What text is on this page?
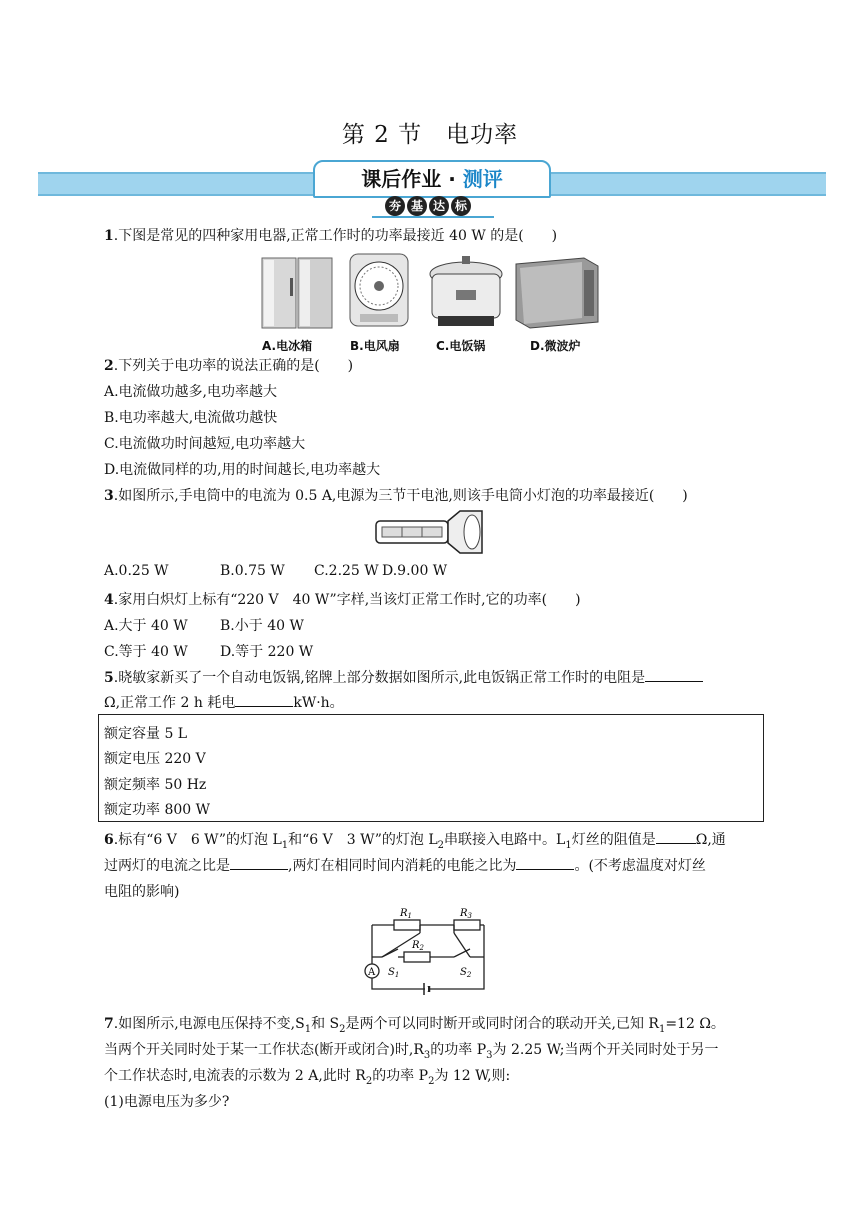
第 2 节　电功率
课后作业 · 测评
夯 基 达 标
1.下图是常见的四种家用电器,正常工作时的功率最接近 40 W 的是(　　)
A.电冰箱	B.电风扇	C.电饭锅	D.微波炉
2.下列关于电功率的说法正确的是(　　)
A.电流做功越多,电功率越大
B.电功率越大,电流做功越快
C.电流做功时间越短,电功率越大
D.电流做同样的功,用的时间越长,电功率越大
3.如图所示,手电筒中的电流为 0.5 A,电源为三节干电池,则该手电筒小灯泡的功率最接近(　　)
A.0.25 W	B.0.75 W C.2.25 W D.9.00 W
4.家用白炽灯上标有“220 V　40 W”字样,当该灯正常工作时,它的功率(　　)
A.大于 40 W B.小于 40 W
C.等于 40 W D.等于 220 W
5.晓敏家新买了一个自动电饭锅,铭牌上部分数据如图所示,此电饭锅正常工作时的电阻是
Ω,正常工作 2 h 耗电	kW·h。
额定容量 5 L
额定电压 220 V
额定频率 50 Hz
额定功率 800 W
6.标有“6 V　6 W”的灯泡 $L_1$和“6 V　3 W”的灯泡 $L_2$串联接入电路中。$L_1$灯丝的阻值是	Ω,通
过两灯的电流之比是	,两灯在相同时间内消耗的电能之比为	。(不考虑温度对灯丝
电阻的影响)
A
$R_1$	$R_3$
$R_2$
$S_1$	$S_2$
7.如图所示,电源电压保持不变$,S_1$和 $S_2$是两个可以同时断开或同时闭合的联动开关,已知 $R_1=12$ Ω。
当两个开关同时处于某一工作状态(断开或闭合)时$,R_3$的功率 $P_3$为 2.25 W;当两个开关同时处于另一
个工作状态时,电流表的示数为 2 A,此时 $R_2$的功率 $P_2$为 12 W,则:
(1)电源电压为多少?
